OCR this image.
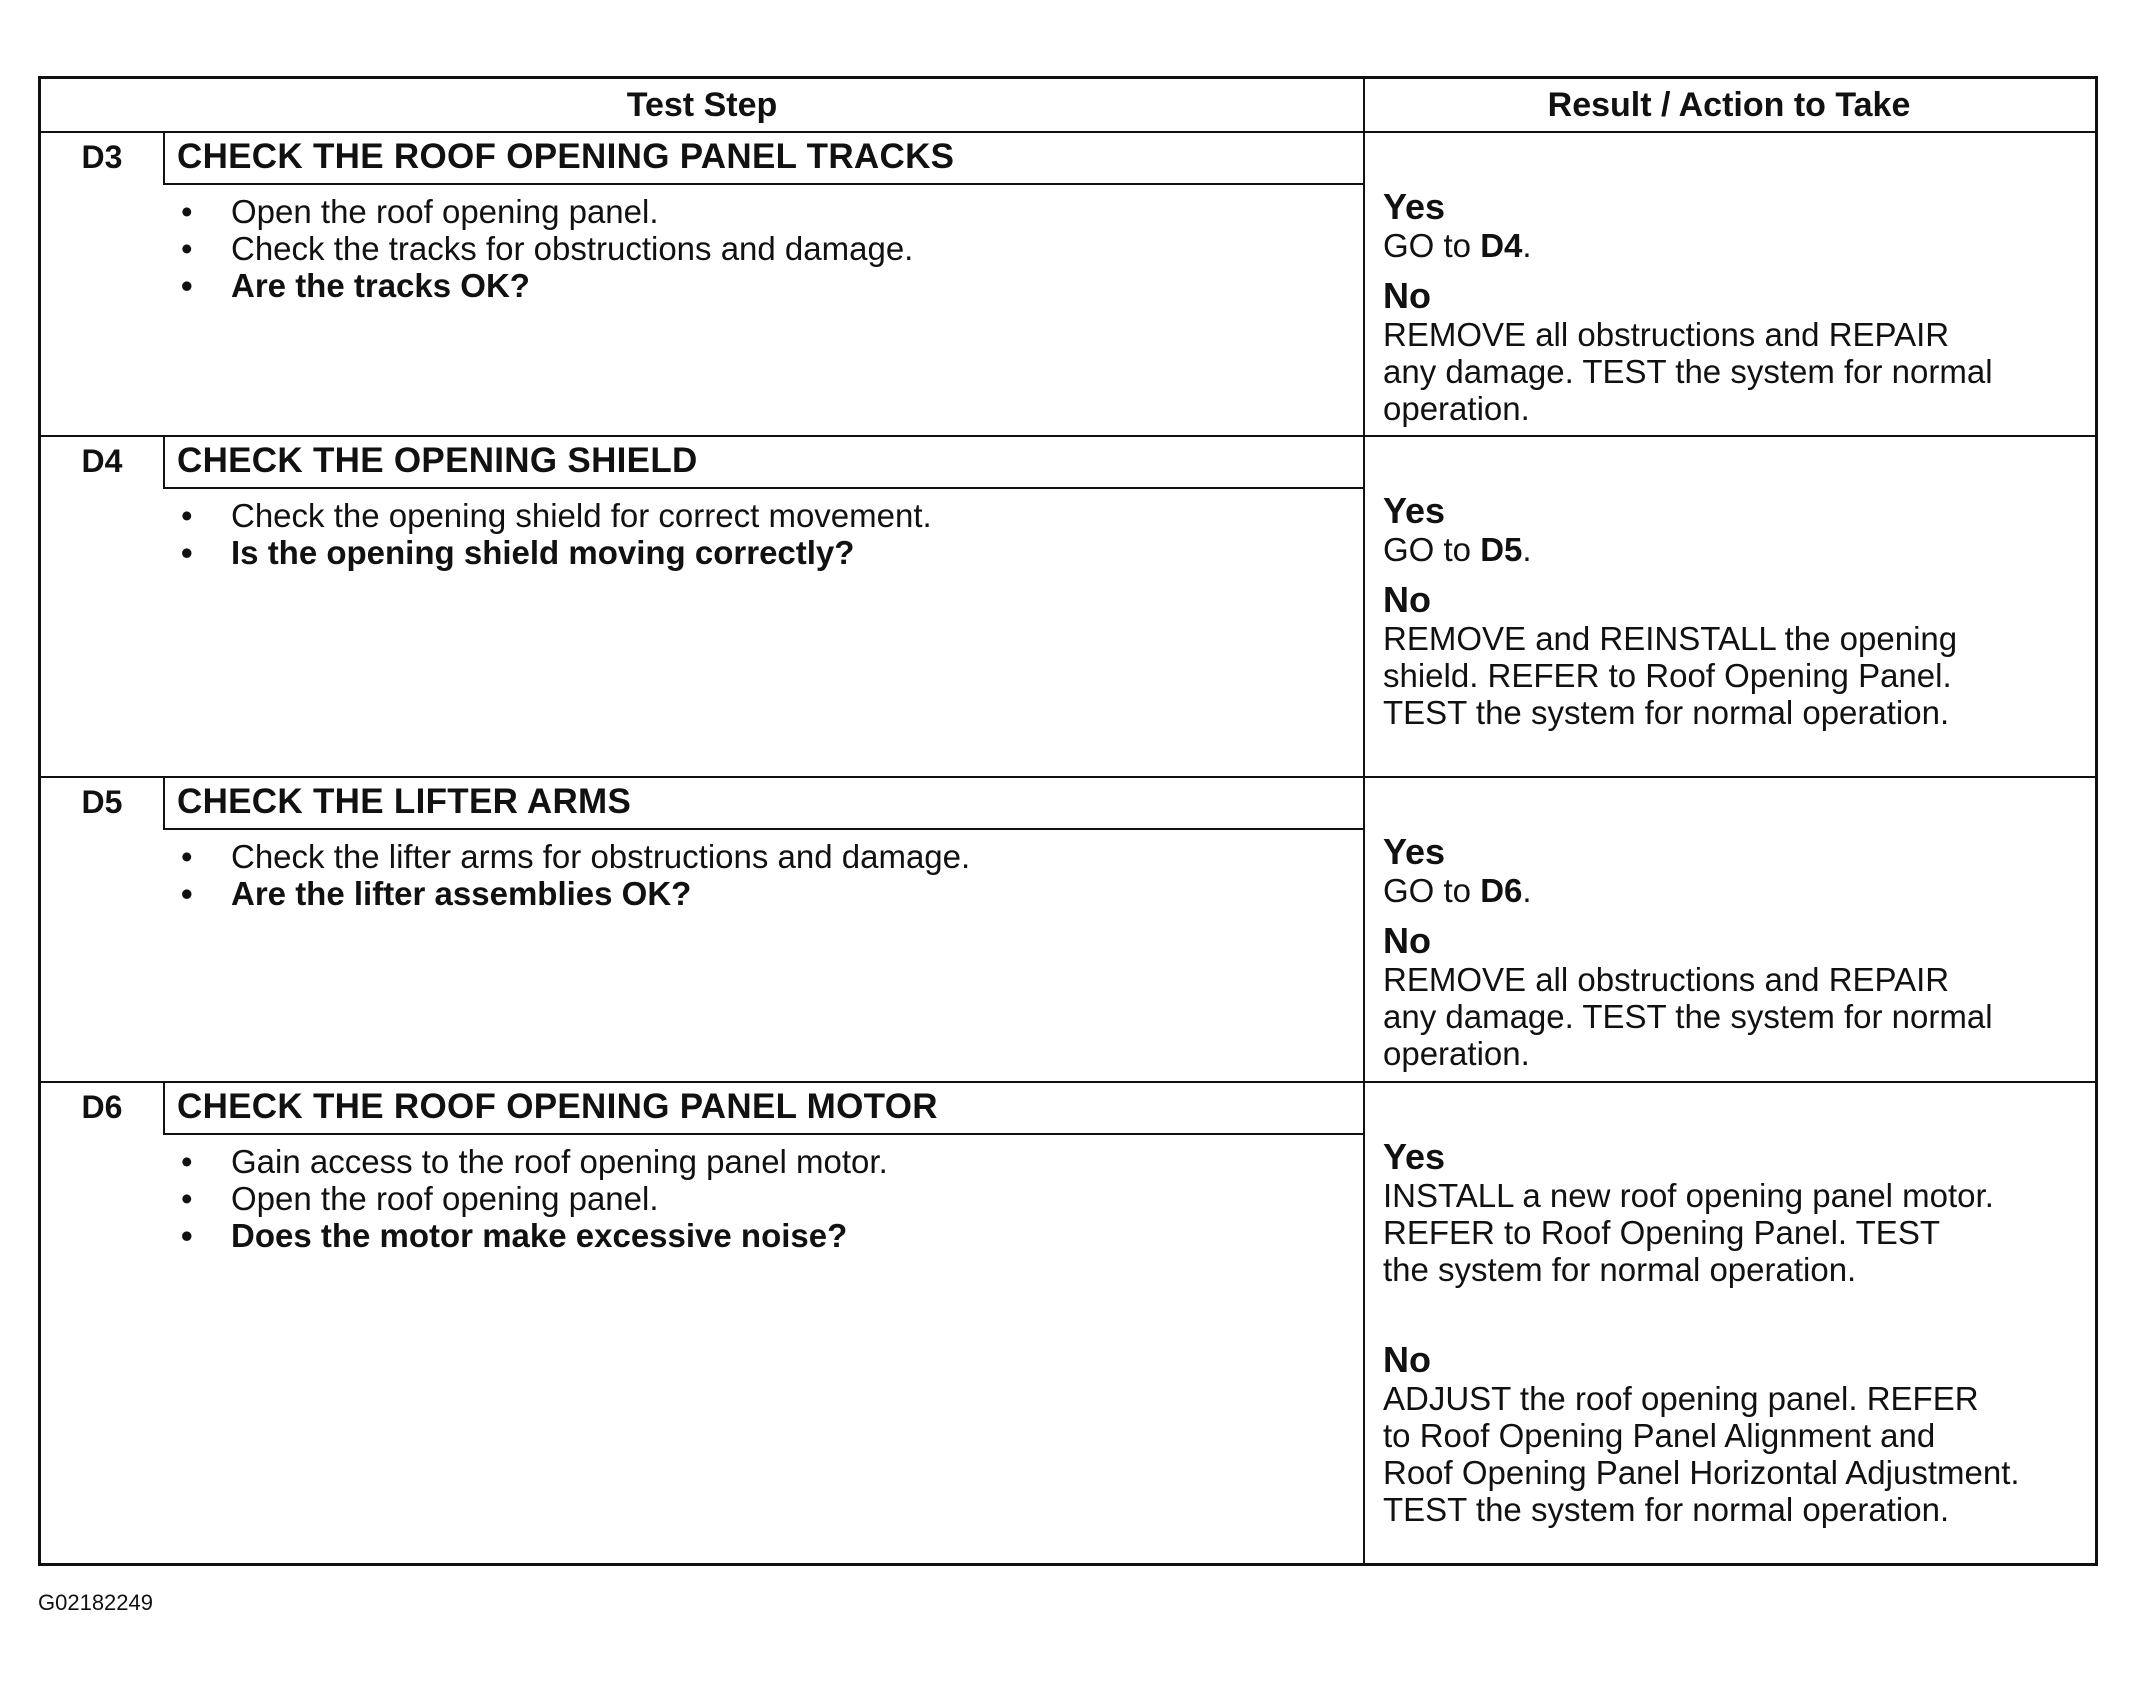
Test Step	Result / Action to Take
D3	CHECK THE ROOF OPENING PANEL TRACKS
• Open the roof opening panel.
• Check the tracks for obstructions and damage.
• Are the tracks OK?
Yes
GO to D4.
No
REMOVE all obstructions and REPAIR
any damage. TEST the system for normal
operation.
D4	CHECK THE OPENING SHIELD
• Check the opening shield for correct movement.
• Is the opening shield moving correctly?
Yes
GO to D5.
No
REMOVE and REINSTALL the opening
shield. REFER to Roof Opening Panel.
TEST the system for normal operation.
D5	CHECK THE LIFTER ARMS
• Check the lifter arms for obstructions and damage.
• Are the lifter assemblies OK?
Yes
GO to D6.
No
REMOVE all obstructions and REPAIR
any damage. TEST the system for normal
operation.
D6	CHECK THE ROOF OPENING PANEL MOTOR
• Gain access to the roof opening panel motor.
• Open the roof opening panel.
• Does the motor make excessive noise?
Yes
INSTALL a new roof opening panel motor.
REFER to Roof Opening Panel. TEST
the system for normal operation.
No
ADJUST the roof opening panel. REFER
to Roof Opening Panel Alignment and
Roof Opening Panel Horizontal Adjustment.
TEST the system for normal operation.
G02182249
